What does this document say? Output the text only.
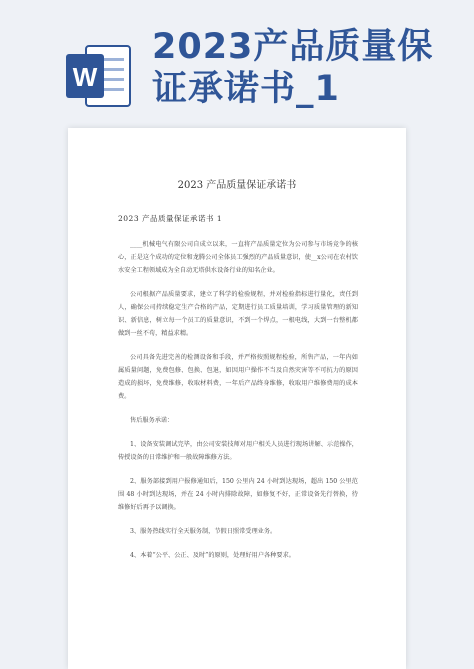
W
2023产品质量保证承诺书_1
2023 产品质量保证承诺书
2023 产品质量保证承诺书 1

____机械电气有限公司自成立以来，一直将产品质量定位为公司参与市场竞争的核心，正是这个成功的定位和龙腾公司全体员工强烈的产品质量意识，使__x公司在农村饮水安全工程领域成为全自动无塔供水设备行业的知名企业。

公司根据产品质量要求，建立了科学的检验规程，并对检验指标进行量化，责任到人，确保公司持续稳定生产合格的产品，定期进行员工质量培训，学习质量管理的新知识、新信息，树立每一个员工的质量意识，不到一个焊点，一根电线，大到一台整机都做到一丝不苟，精益求精。

公司具备先进完善的检测设备和手段，并严格按照规程检验，所售产品，一年内如属质量问题，免费包修、包换、包退，如因用户操作不当及自然灾害等不可抗力的原因造成的损坏，免费维修，收取材料费，一年后产品终身维修，收取用户维修费用的成本费。

售后服务承诺：

1、设备安装调试完毕，由公司安装技师对用户相关人员进行现场讲解、示范操作，传授设备的日常维护和一般故障维修方法。

2、服务部接到用户报修通知后，150 公里内 24 小时到达现场，超出 150 公里范围 48 小时到达现场，并在 24 小时内排除故障，如修复不好，正常设备先行替换，待维修好后再予以调换。

3、服务热线实行全天服务制，节假日照常受理业务。

4、本着“公平、公正、及时”的原则，处理好用户各种要求。
